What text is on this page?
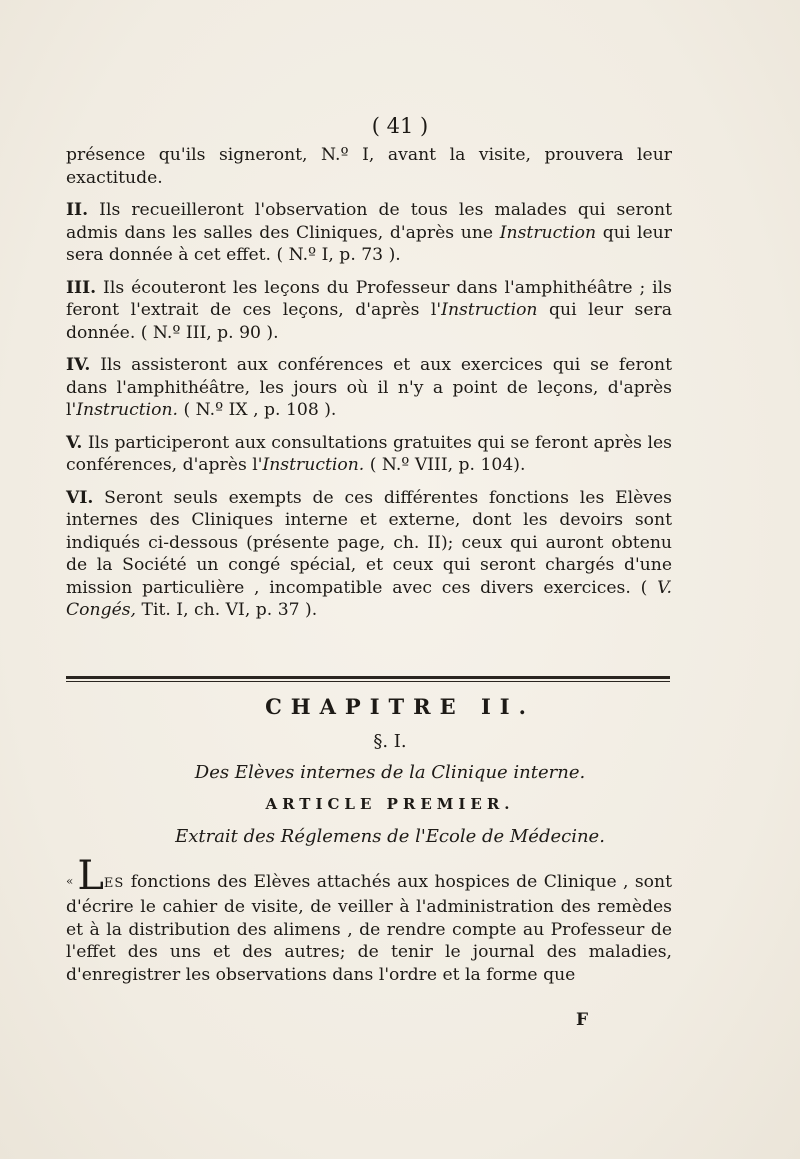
( 41 )

présence qu'ils signeront, N.º I, avant la visite, prouvera leur exactitude.

II. Ils recueilleront l'observation de tous les malades qui seront admis dans les salles des Cliniques, d'après une Instruction qui leur sera donnée à cet effet. ( N.º I, p. 73 ).

III. Ils écouteront les leçons du Professeur dans l'amphithéâtre ; ils feront l'extrait de ces leçons, d'après l'Instruction qui leur sera donnée. ( N.º III, p. 90 ).

IV. Ils assisteront aux conférences et aux exercices qui se feront dans l'amphithéâtre, les jours où il n'y a point de leçons, d'après l'Instruction. ( N.º IX , p. 108 ).

V. Ils participeront aux consultations gratuites qui se feront après les conférences, d'après l'Instruction. ( N.º VIII, p. 104).

VI. Seront seuls exempts de ces différentes fonctions les Elèves internes des Cliniques interne et externe, dont les devoirs sont indiqués ci-dessous (présente page, ch. II); ceux qui auront obtenu de la Société un congé spécial, et ceux qui seront chargés d'une mission particulière , incompatible avec ces divers exercices. ( V. Congés, Tit. I, ch. VI, p. 37 ).

CHAPITRE II.
§. I.
Des Elèves internes de la Clinique interne.
ARTICLE PREMIER.
Extrait des Réglemens de l'Ecole de Médecine.

« LES fonctions des Elèves attachés aux hospices de Clinique , sont d'écrire le cahier de visite, de veiller à l'administration des remèdes et à la distribution des alimens , de rendre compte au Professeur de l'effet des uns et des autres; de tenir le journal des maladies, d'enregistrer les observations dans l'ordre et la forme que

F
